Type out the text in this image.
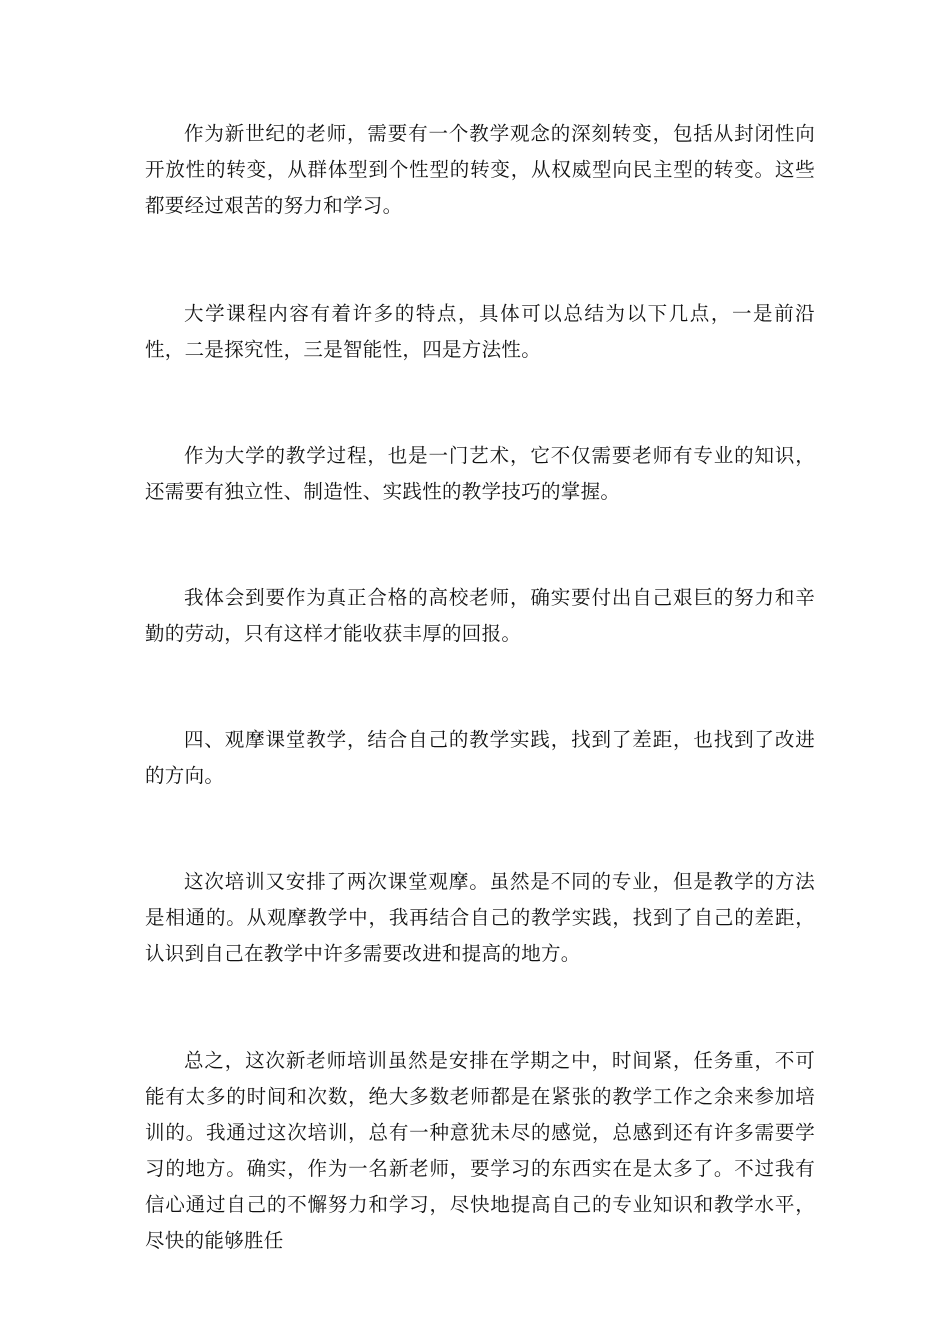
作为新世纪的老师，需要有一个教学观念的深刻转变，包括从封闭性向开放性的转变，从群体型到个性型的转变，从权威型向民主型的转变。这些都要经过艰苦的努力和学习。

大学课程内容有着许多的特点，具体可以总结为以下几点，一是前沿性，二是探究性，三是智能性，四是方法性。

作为大学的教学过程，也是一门艺术，它不仅需要老师有专业的知识，还需要有独立性、制造性、实践性的教学技巧的掌握。

我体会到要作为真正合格的高校老师，确实要付出自己艰巨的努力和辛勤的劳动，只有这样才能收获丰厚的回报。

四、观摩课堂教学，结合自己的教学实践，找到了差距，也找到了改进的方向。

这次培训又安排了两次课堂观摩。虽然是不同的专业，但是教学的方法是相通的。从观摩教学中，我再结合自己的教学实践，找到了自己的差距，认识到自己在教学中许多需要改进和提高的地方。

总之，这次新老师培训虽然是安排在学期之中，时间紧，任务重，不可能有太多的时间和次数，绝大多数老师都是在紧张的教学工作之余来参加培训的。我通过这次培训，总有一种意犹未尽的感觉，总感到还有许多需要学习的地方。确实，作为一名新老师，要学习的东西实在是太多了。不过我有信心通过自己的不懈努力和学习，尽快地提高自己的专业知识和教学水平，尽快的能够胜任
